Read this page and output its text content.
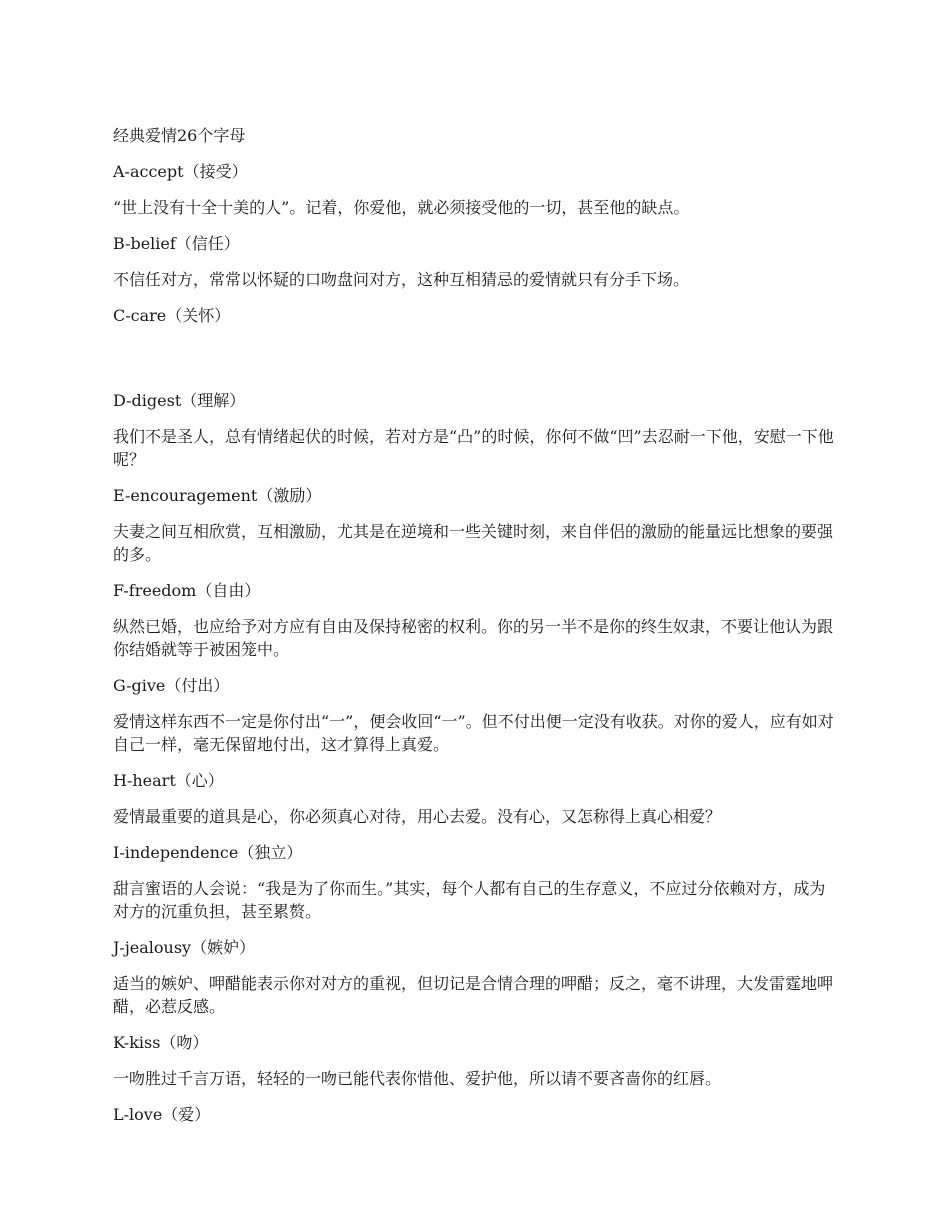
经典爱情26个字母
A-accept（接受）
“世上没有十全十美的人”。记着，你爱他，就必须接受他的一切，甚至他的缺点。
B-belief（信任）
不信任对方，常常以怀疑的口吻盘问对方，这种互相猜忌的爱情就只有分手下场。
C-care（关怀）
D-digest（理解）
我们不是圣人，总有情绪起伏的时候，若对方是“凸”的时候，你何不做“凹”去忍耐一下他，安慰一下他呢？
E-encouragement（激励）
夫妻之间互相欣赏，互相激励，尤其是在逆境和一些关键时刻，来自伴侣的激励的能量远比想象的要强的多。
F-freedom（自由）
纵然已婚，也应给予对方应有自由及保持秘密的权利。你的另一半不是你的终生奴隶，不要让他认为跟你结婚就等于被困笼中。
G-give（付出）
爱情这样东西不一定是你付出“一”，便会收回“一”。但不付出便一定没有收获。对你的爱人，应有如对自己一样，毫无保留地付出，这才算得上真爱。
H-heart（心）
爱情最重要的道具是心，你必须真心对待，用心去爱。没有心，又怎称得上真心相爱？
I-independence（独立）
甜言蜜语的人会说：“我是为了你而生。”其实，每个人都有自己的生存意义，不应过分依赖对方，成为对方的沉重负担，甚至累赘。
J-jealousy（嫉妒）
适当的嫉妒、呷醋能表示你对对方的重视，但切记是合情合理的呷醋；反之，毫不讲理，大发雷霆地呷醋，必惹反感。
K-kiss（吻）
一吻胜过千言万语，轻轻的一吻已能代表你惜他、爱护他，所以请不要吝啬你的红唇。
L-love（爱）
